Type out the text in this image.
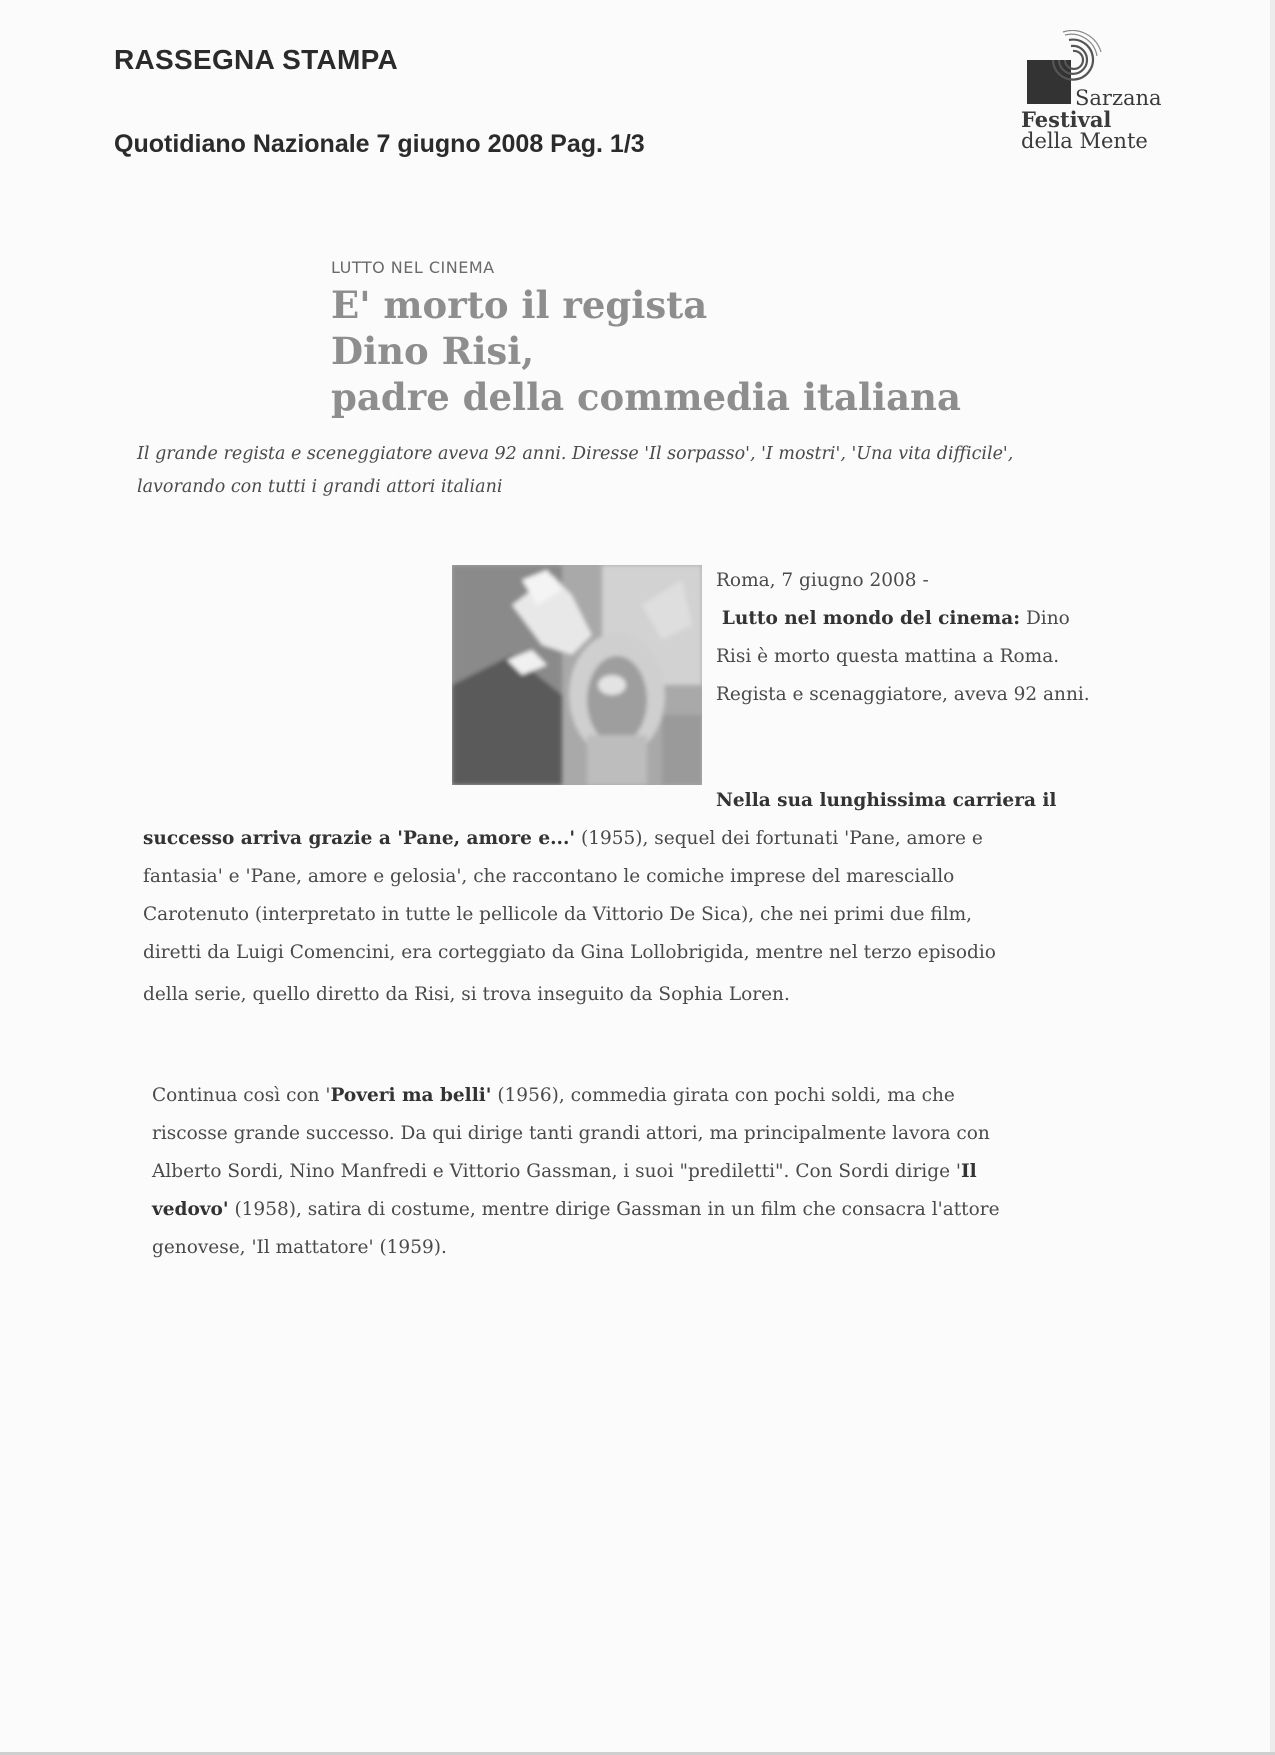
RASSEGNA STAMPA
Quotidiano Nazionale 7 giugno 2008 Pag. 1/3
Sarzana
Festival
della Mente
LUTTO NEL CINEMA
E' morto il regista
Dino Risi,
padre della commedia italiana
Il grande regista e sceneggiatore aveva 92 anni. Diresse 'Il sorpasso', 'I mostri', 'Una vita difficile',
lavorando con tutti i grandi attori italiani
Roma, 7 giugno 2008 -
Lutto nel mondo del cinema: Dino
Risi è morto questa mattina a Roma.
Regista e scenaggiatore, aveva 92 anni.
Nella sua lunghissima carriera il
successo arriva grazie a 'Pane, amore e...' (1955), sequel dei fortunati 'Pane, amore e
fantasia' e 'Pane, amore e gelosia', che raccontano le comiche imprese del maresciallo
Carotenuto (interpretato in tutte le pellicole da Vittorio De Sica), che nei primi due film,
diretti da Luigi Comencini, era corteggiato da Gina Lollobrigida, mentre nel terzo episodio
della serie, quello diretto da Risi, si trova inseguito da Sophia Loren.
Continua così con 'Poveri ma belli' (1956), commedia girata con pochi soldi, ma che
riscosse grande successo. Da qui dirige tanti grandi attori, ma principalmente lavora con
Alberto Sordi, Nino Manfredi e Vittorio Gassman, i suoi "prediletti". Con Sordi dirige 'Il
vedovo' (1958), satira di costume, mentre dirige Gassman in un film che consacra l'attore
genovese, 'Il mattatore' (1959).
